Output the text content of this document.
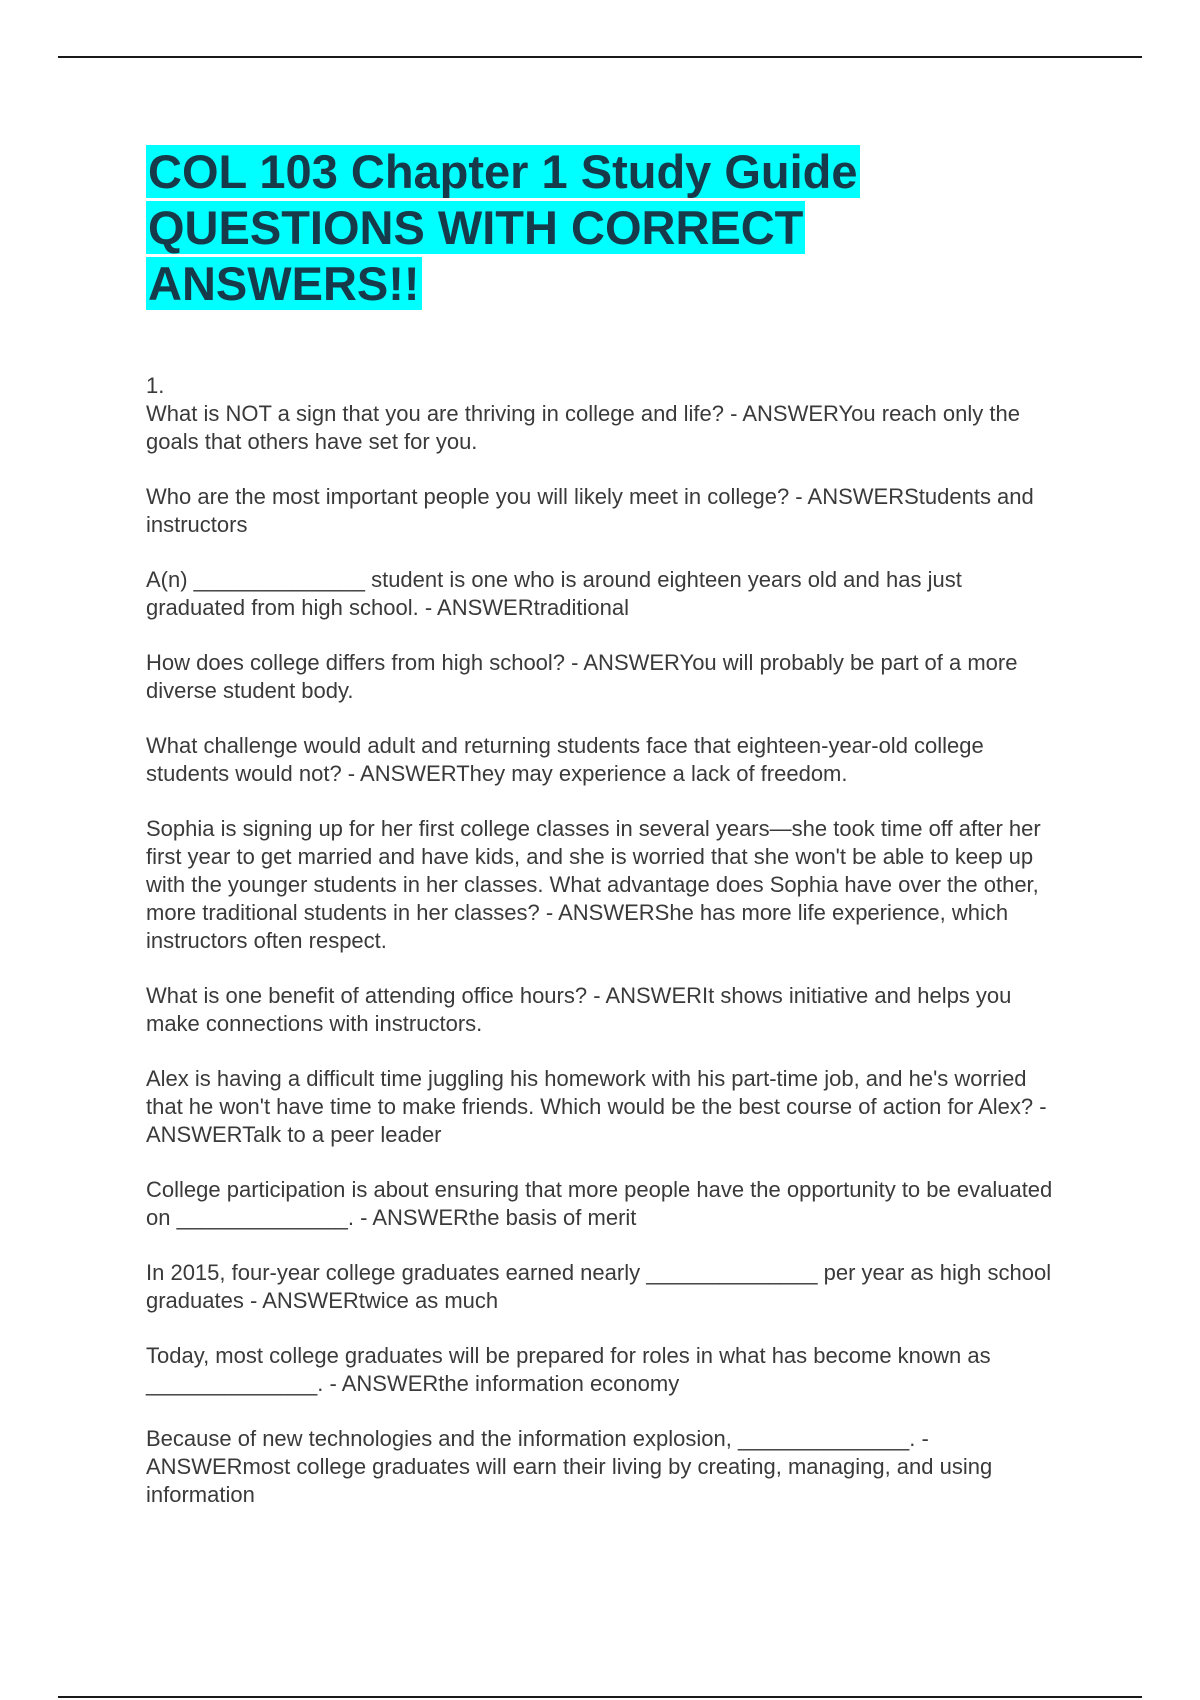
COL 103 Chapter 1 Study Guide QUESTIONS WITH CORRECT ANSWERS!!
1.

What is NOT a sign that you are thriving in college and life? - ANSWERYou reach only the goals that others have set for you.

Who are the most important people you will likely meet in college? - ANSWERStudents and instructors

A(n) ______________ student is one who is around eighteen years old and has just graduated from high school. - ANSWERtraditional

How does college differs from high school? - ANSWERYou will probably be part of a more diverse student body.

What challenge would adult and returning students face that eighteen-year-old college students would not? - ANSWERThey may experience a lack of freedom.

Sophia is signing up for her first college classes in several years—she took time off after her first year to get married and have kids, and she is worried that she won't be able to keep up with the younger students in her classes. What advantage does Sophia have over the other, more traditional students in her classes? - ANSWERShe has more life experience, which instructors often respect.

What is one benefit of attending office hours? - ANSWERIt shows initiative and helps you make connections with instructors.

Alex is having a difficult time juggling his homework with his part-time job, and he's worried that he won't have time to make friends. Which would be the best course of action for Alex? - ANSWERTalk to a peer leader

College participation is about ensuring that more people have the opportunity to be evaluated on ______________. - ANSWERthe basis of merit

In 2015, four-year college graduates earned nearly ______________ per year as high school graduates - ANSWERtwice as much

Today, most college graduates will be prepared for roles in what has become known as ______________. - ANSWERthe information economy

Because of new technologies and the information explosion, ______________. - ANSWERmost college graduates will earn their living by creating, managing, and using information
